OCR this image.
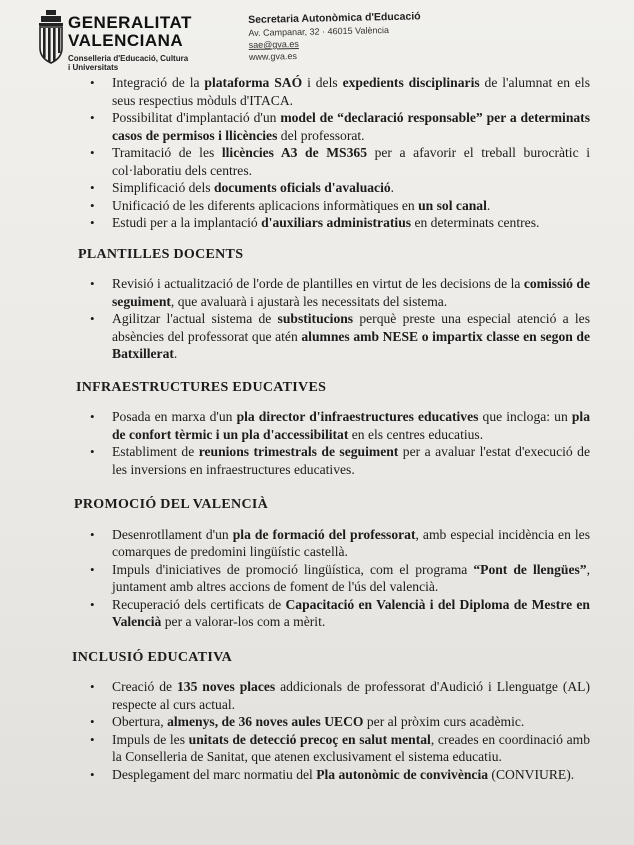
GENERALITAT
VALENCIANA
Conselleria d'Educació, Cultura
i Universitats
Secretaria Autonòmica d'Educació
Av. Campanar, 32 · 46015 València
sae@gva.es
www.gva.es
• Integració de la plataforma SAÓ i dels expedients disciplinaris de l'alumnat en els seus respectius mòduls d'ITACA.
• Possibilitat d'implantació d'un model de “declaració responsable” per a determinats casos de permisos i llicències del professorat.
• Tramitació de les llicències A3 de MS365 per a afavorir el treball burocràtic i col·laboratiu dels centres.
• Simplificació dels documents oficials d'avaluació.
• Unificació de les diferents aplicacions informàtiques en un sol canal.
• Estudi per a la implantació d'auxiliars administratius en determinats centres.
PLANTILLES DOCENTS
• Revisió i actualització de l'orde de plantilles en virtut de les decisions de la comissió de seguiment, que avaluarà i ajustarà les necessitats del sistema.
• Agilitzar l'actual sistema de substitucions perquè preste una especial atenció a les absències del professorat que atén alumnes amb NESE o impartix classe en segon de Batxillerat.
INFRAESTRUCTURES EDUCATIVES
• Posada en marxa d'un pla director d'infraestructures educatives que incloga: un pla de confort tèrmic i un pla d'accessibilitat en els centres educatius.
• Establiment de reunions trimestrals de seguiment per a avaluar l'estat d'execució de les inversions en infraestructures educatives.
PROMOCIÓ DEL VALENCIÀ
• Desenrotllament d'un pla de formació del professorat, amb especial incidència en les comarques de predomini lingüístic castellà.
• Impuls d'iniciatives de promoció lingüística, com el programa “Pont de llengües”, juntament amb altres accions de foment de l'ús del valencià.
• Recuperació dels certificats de Capacitació en Valencià i del Diploma de Mestre en Valencià per a valorar-los com a mèrit.
INCLUSIÓ EDUCATIVA
• Creació de 135 noves places addicionals de professorat d'Audició i Llenguatge (AL) respecte al curs actual.
• Obertura, almenys, de 36 noves aules UECO per al pròxim curs acadèmic.
• Impuls de les unitats de detecció precoç en salut mental, creades en coordinació amb la Conselleria de Sanitat, que atenen exclusivament el sistema educatiu.
• Desplegament del marc normatiu del Pla autonòmic de convivència (CONVIURE).
